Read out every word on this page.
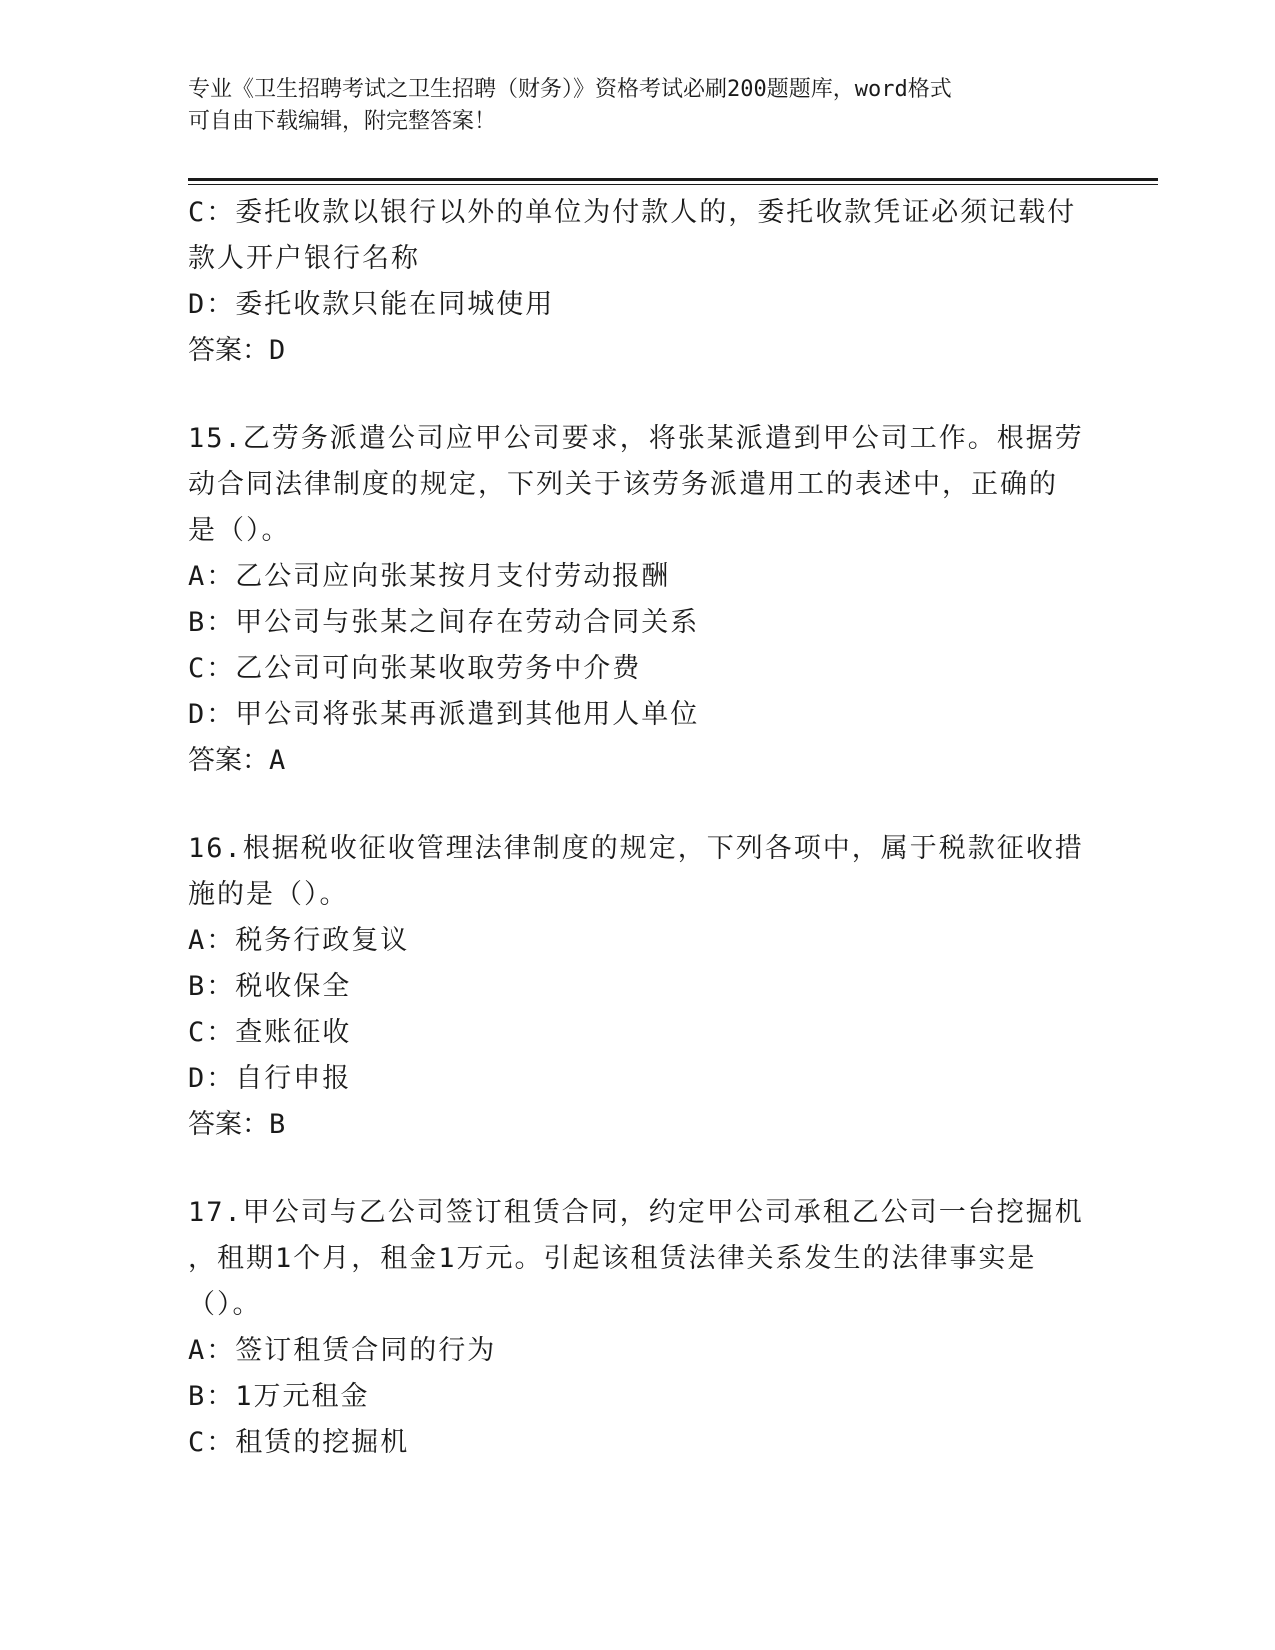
专业《卫生招聘考试之卫生招聘（财务）》资格考试必刷200题题库，word格式
可自由下载编辑，附完整答案！
C：委托收款以银行以外的单位为付款人的，委托收款凭证必须记载付
款人开户银行名称
D：委托收款只能在同城使用
答案：D
15.乙劳务派遣公司应甲公司要求，将张某派遣到甲公司工作。根据劳
动合同法律制度的规定，下列关于该劳务派遣用工的表述中，正确的
是（）。
A：乙公司应向张某按月支付劳动报酬
B：甲公司与张某之间存在劳动合同关系
C：乙公司可向张某收取劳务中介费
D：甲公司将张某再派遣到其他用人单位
答案：A
16.根据税收征收管理法律制度的规定，下列各项中，属于税款征收措
施的是（）。
A：税务行政复议
B：税收保全
C：查账征收
D：自行申报
答案：B
17.甲公司与乙公司签订租赁合同，约定甲公司承租乙公司一台挖掘机
，租期1个月，租金1万元。引起该租赁法律关系发生的法律事实是
（）。
A：签订租赁合同的行为
B：1万元租金
C：租赁的挖掘机
